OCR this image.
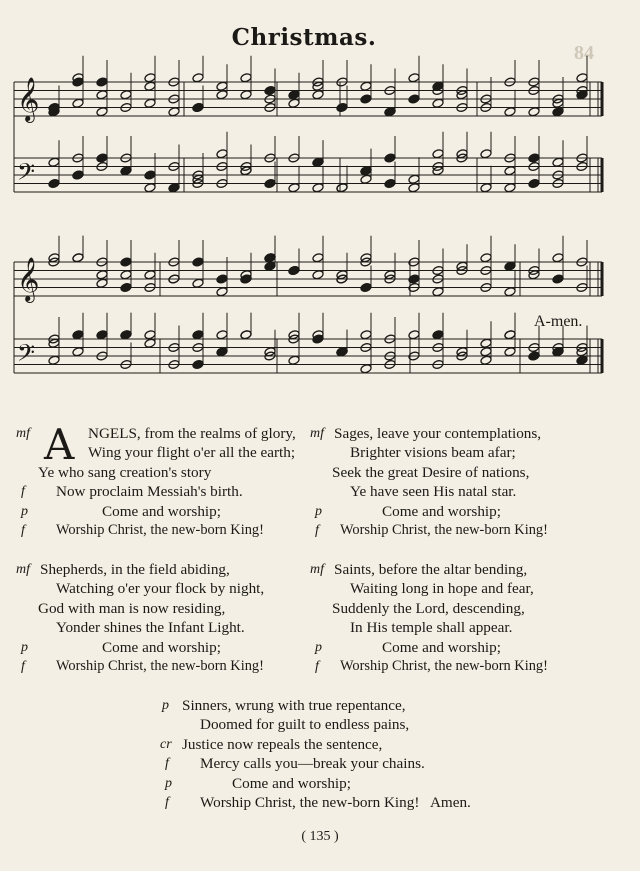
Christmas.
84
𝄞
𝄢
𝄞
𝄢
A-men.
A
mf	NGELS, from the realms of glory,
Wing your flight o'er all the earth;
Ye who sang creation's story
f Now proclaim Messiah's birth.
p	Come and worship;
f Worship Christ, the new-born King!
mf Sages, leave your contemplations,
Brighter visions beam afar;
Seek the great Desire of nations,
Ye have seen His natal star.
p	Come and worship;
f Worship Christ, the new-born King!
mf Shepherds, in the field abiding,
Watching o'er your flock by night,
God with man is now residing,
Yonder shines the Infant Light.
p	Come and worship;
f Worship Christ, the new-born King!
mf Saints, before the altar bending,
Waiting long in hope and fear,
Suddenly the Lord, descending,
In His temple shall appear.
p	Come and worship;
f Worship Christ, the new-born King!
p Sinners, wrung with true repentance,
Doomed for guilt to endless pains,
cr Justice now repeals the sentence,
f Mercy calls you—break your chains.
p	Come and worship;
f Worship Christ, the new-born King!   Amen.
( 135 )
